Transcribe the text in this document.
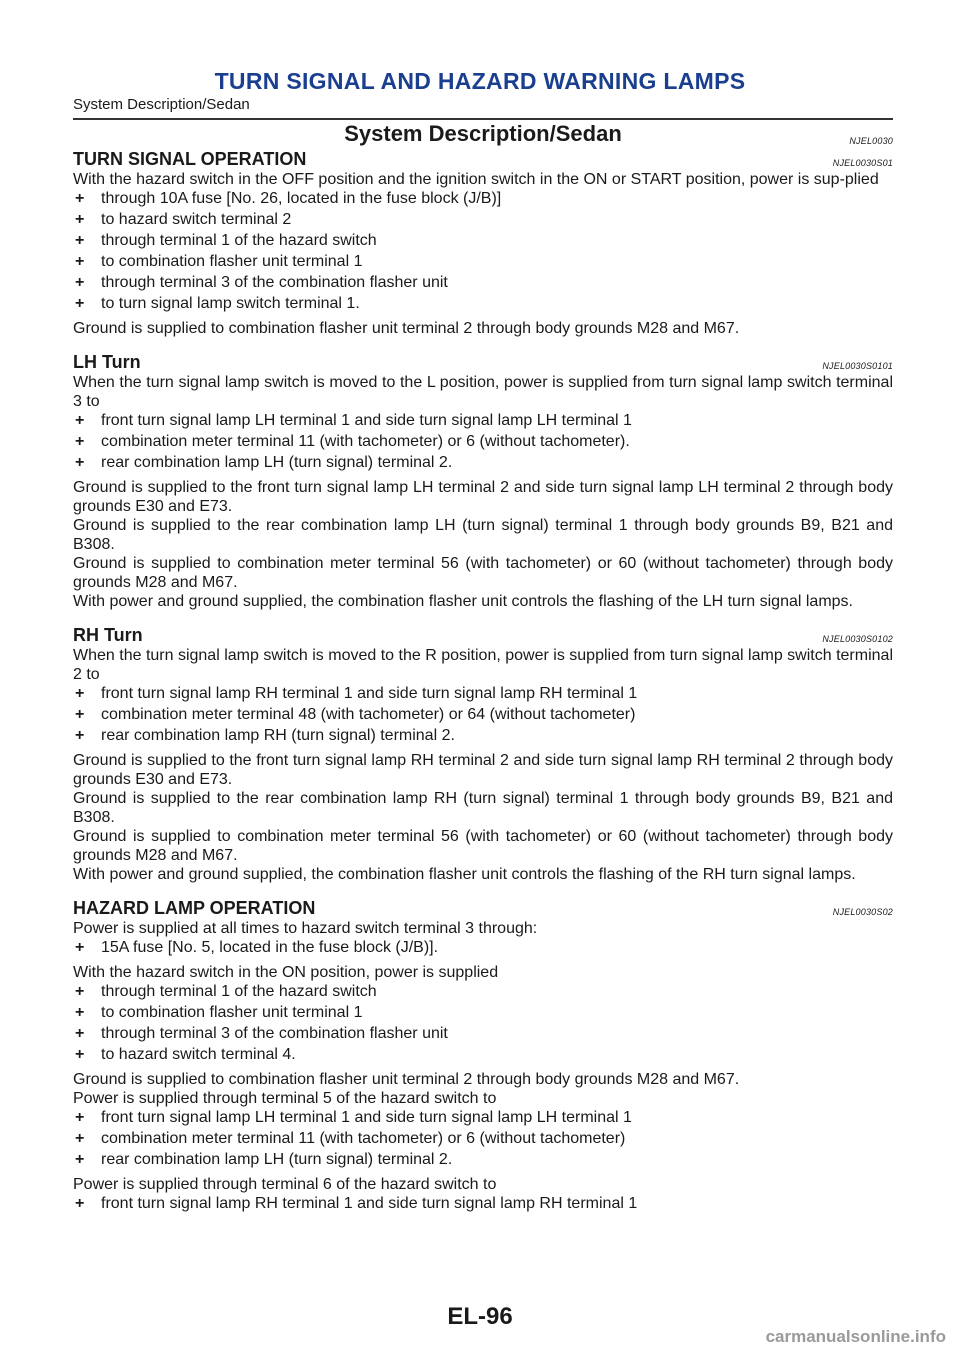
TURN SIGNAL AND HAZARD WARNING LAMPS
System Description/Sedan
System Description/Sedan	NJEL0030
TURN SIGNAL OPERATION	NJEL0030S01

With the hazard switch in the OFF position and the ignition switch in the ON or START position, power is sup-plied

+ through 10A fuse [No. 26, located in the fuse block (J/B)]
+ to hazard switch terminal 2
+ through terminal 1 of the hazard switch
+ to combination flasher unit terminal 1
+ through terminal 3 of the combination flasher unit
+ to turn signal lamp switch terminal 1.

Ground is supplied to combination flasher unit terminal 2 through body grounds M28 and M67.

LH Turn	NJEL0030S0101

When the turn signal lamp switch is moved to the L position, power is supplied from turn signal lamp switch terminal 3 to

+ front turn signal lamp LH terminal 1 and side turn signal lamp LH terminal 1
+ combination meter terminal 11 (with tachometer) or 6 (without tachometer).
+ rear combination lamp LH (turn signal) terminal 2.

Ground is supplied to the front turn signal lamp LH terminal 2 and side turn signal lamp LH terminal 2 through body grounds E30 and E73.

Ground is supplied to the rear combination lamp LH (turn signal) terminal 1 through body grounds B9, B21 and B308.

Ground is supplied to combination meter terminal 56 (with tachometer) or 60 (without tachometer) through body grounds M28 and M67.

With power and ground supplied, the combination flasher unit controls the flashing of the LH turn signal lamps.

RH Turn	NJEL0030S0102

When the turn signal lamp switch is moved to the R position, power is supplied from turn signal lamp switch terminal 2 to

+ front turn signal lamp RH terminal 1 and side turn signal lamp RH terminal 1
+ combination meter terminal 48 (with tachometer) or 64 (without tachometer)
+ rear combination lamp RH (turn signal) terminal 2.

Ground is supplied to the front turn signal lamp RH terminal 2 and side turn signal lamp RH terminal 2 through body grounds E30 and E73.

Ground is supplied to the rear combination lamp RH (turn signal) terminal 1 through body grounds B9, B21 and B308.

Ground is supplied to combination meter terminal 56 (with tachometer) or 60 (without tachometer) through body grounds M28 and M67.

With power and ground supplied, the combination flasher unit controls the flashing of the RH turn signal lamps.

HAZARD LAMP OPERATION	NJEL0030S02

Power is supplied at all times to hazard switch terminal 3 through:

+ 15A fuse [No. 5, located in the fuse block (J/B)].

With the hazard switch in the ON position, power is supplied

+ through terminal 1 of the hazard switch
+ to combination flasher unit terminal 1
+ through terminal 3 of the combination flasher unit
+ to hazard switch terminal 4.

Ground is supplied to combination flasher unit terminal 2 through body grounds M28 and M67.

Power is supplied through terminal 5 of the hazard switch to

+ front turn signal lamp LH terminal 1 and side turn signal lamp LH terminal 1
+ combination meter terminal 11 (with tachometer) or 6 (without tachometer)
+ rear combination lamp LH (turn signal) terminal 2.

Power is supplied through terminal 6 of the hazard switch to

+ front turn signal lamp RH terminal 1 and side turn signal lamp RH terminal 1
EL-96
carmanualsonline.info
